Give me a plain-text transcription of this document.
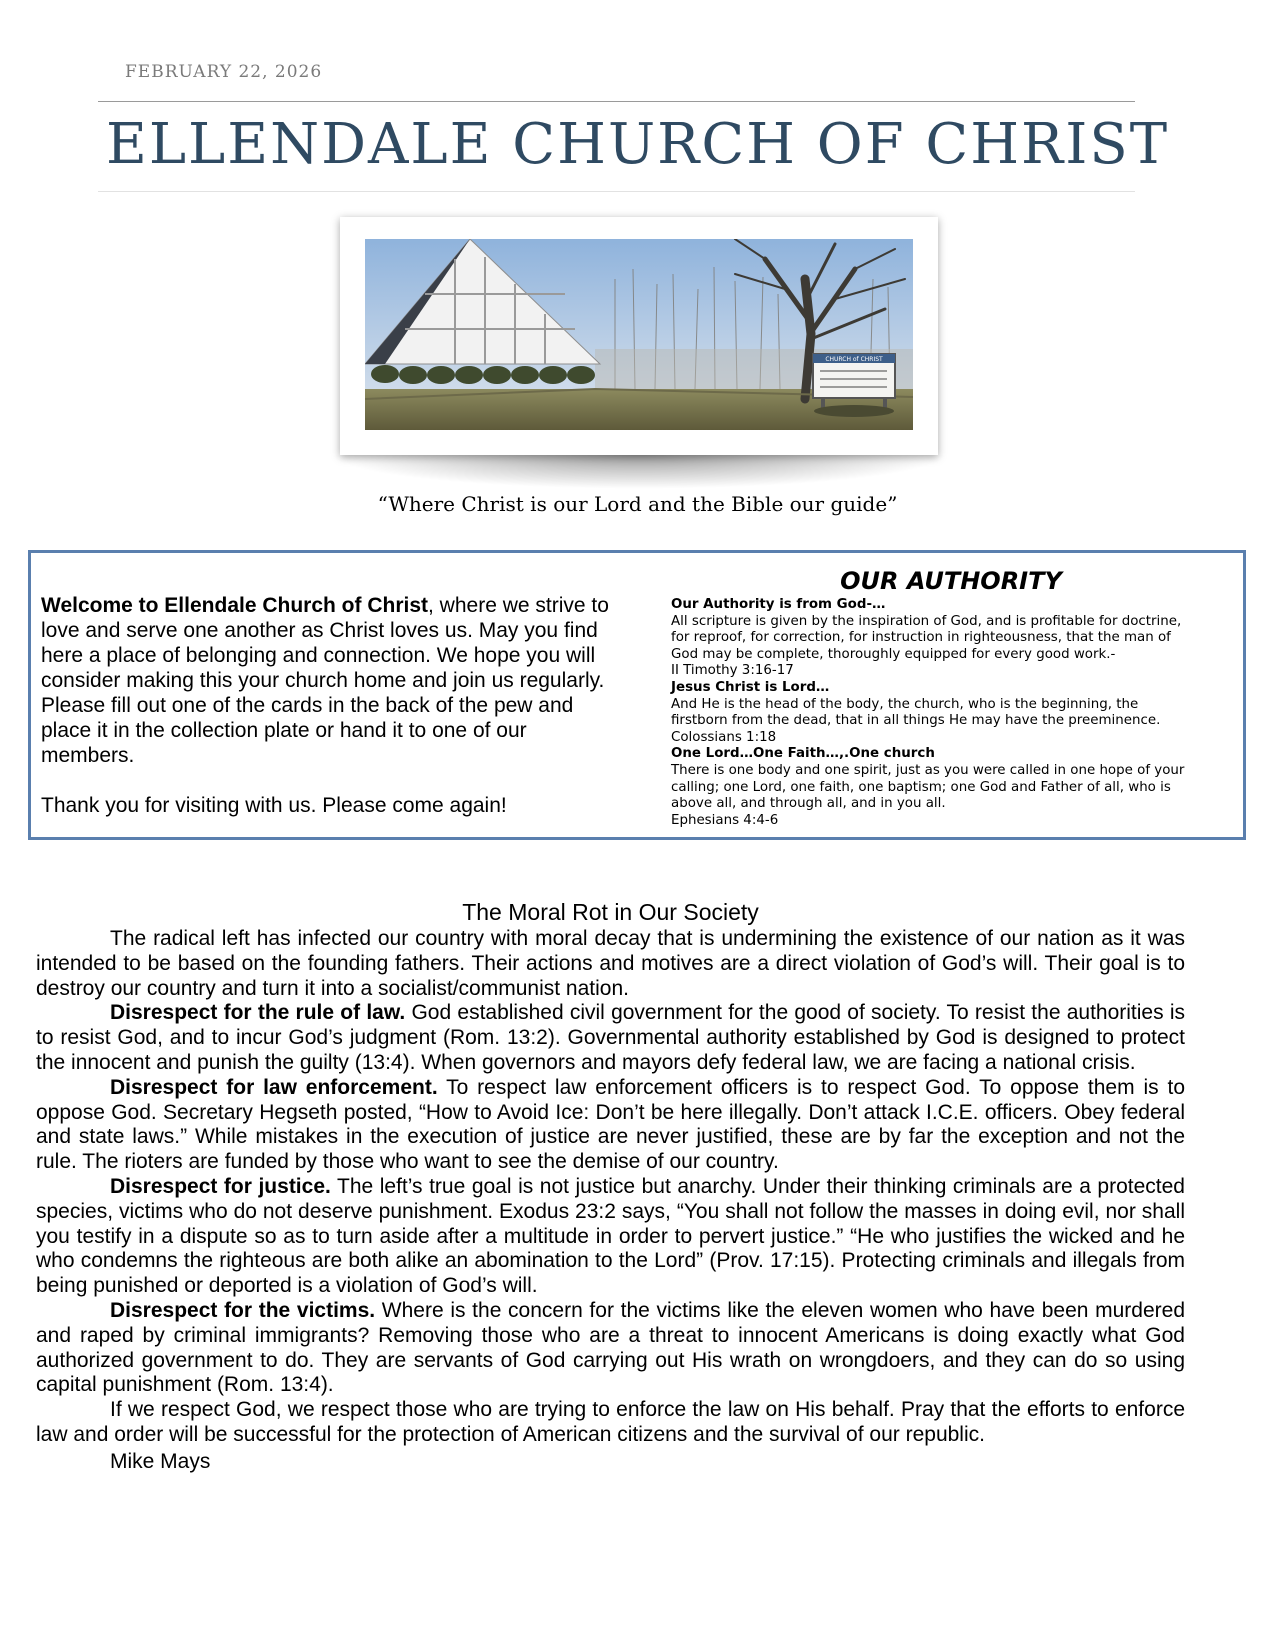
FEBRUARY 22, 2026
ELLENDALE CHURCH OF CHRIST
CHURCH of CHRIST
“Where Christ is our Lord and the Bible our guide”

Welcome to Ellendale Church of Christ, where we strive to love and serve one another as Christ loves us. May you find here a place of belonging and connection. We hope you will consider making this your church home and join us regularly. Please fill out one of the cards in the back of the pew and place it in the collection plate or hand it to one of our members.

Thank you for visiting with us. Please come again!

OUR AUTHORITY
Our Authority is from God-…
All scripture is given by the inspiration of God, and is profitable for doctrine,
for reproof, for correction, for instruction in righteousness, that the man of
God may be complete, thoroughly equipped for every good work.-
II Timothy 3:16-17
Jesus Christ is Lord…
And He is the head of the body, the church, who is the beginning, the
firstborn from the dead, that in all things He may have the preeminence.
Colossians 1:18
One Lord…One Faith…,.One church
There is one body and one spirit, just as you were called in one hope of your
calling; one Lord, one faith, one baptism; one God and Father of all, who is
above all, and through all, and in you all.
Ephesians 4:4-6
The Moral Rot in Our Society

The radical left has infected our country with moral decay that is undermining the existence of our nation as it was intended to be based on the founding fathers. Their actions and motives are a direct violation of God’s will. Their goal is to destroy our country and turn it into a socialist/communist nation.

Disrespect for the rule of law. God established civil government for the good of society. To resist the authorities is to resist God, and to incur God’s judgment (Rom. 13:2). Governmental authority established by God is designed to protect the innocent and punish the guilty (13:4). When governors and mayors defy federal law, we are facing a national crisis.

Disrespect for law enforcement. To respect law enforcement officers is to respect God. To oppose them is to oppose God. Secretary Hegseth posted, “How to Avoid Ice: Don’t be here illegally. Don’t attack I.C.E. officers. Obey federal and state laws.” While mistakes in the execution of justice are never justified, these are by far the exception and not the rule. The rioters are funded by those who want to see the demise of our country.

Disrespect for justice. The left’s true goal is not justice but anarchy. Under their thinking criminals are a protected species, victims who do not deserve punishment. Exodus 23:2 says, “You shall not follow the masses in doing evil, nor shall you testify in a dispute so as to turn aside after a multitude in order to pervert justice.” “He who justifies the wicked and he who condemns the righteous are both alike an abomination to the Lord” (Prov. 17:15). Protecting criminals and illegals from being punished or deported is a violation of God’s will.

Disrespect for the victims. Where is the concern for the victims like the eleven women who have been murdered and raped by criminal immigrants? Removing those who are a threat to innocent Americans is doing exactly what God authorized government to do. They are servants of God carrying out His wrath on wrongdoers, and they can do so using capital punishment (Rom. 13:4).

If we respect God, we respect those who are trying to enforce the law on His behalf. Pray that the efforts to enforce law and order will be successful for the protection of American citizens and the survival of our republic.

Mike Mays
